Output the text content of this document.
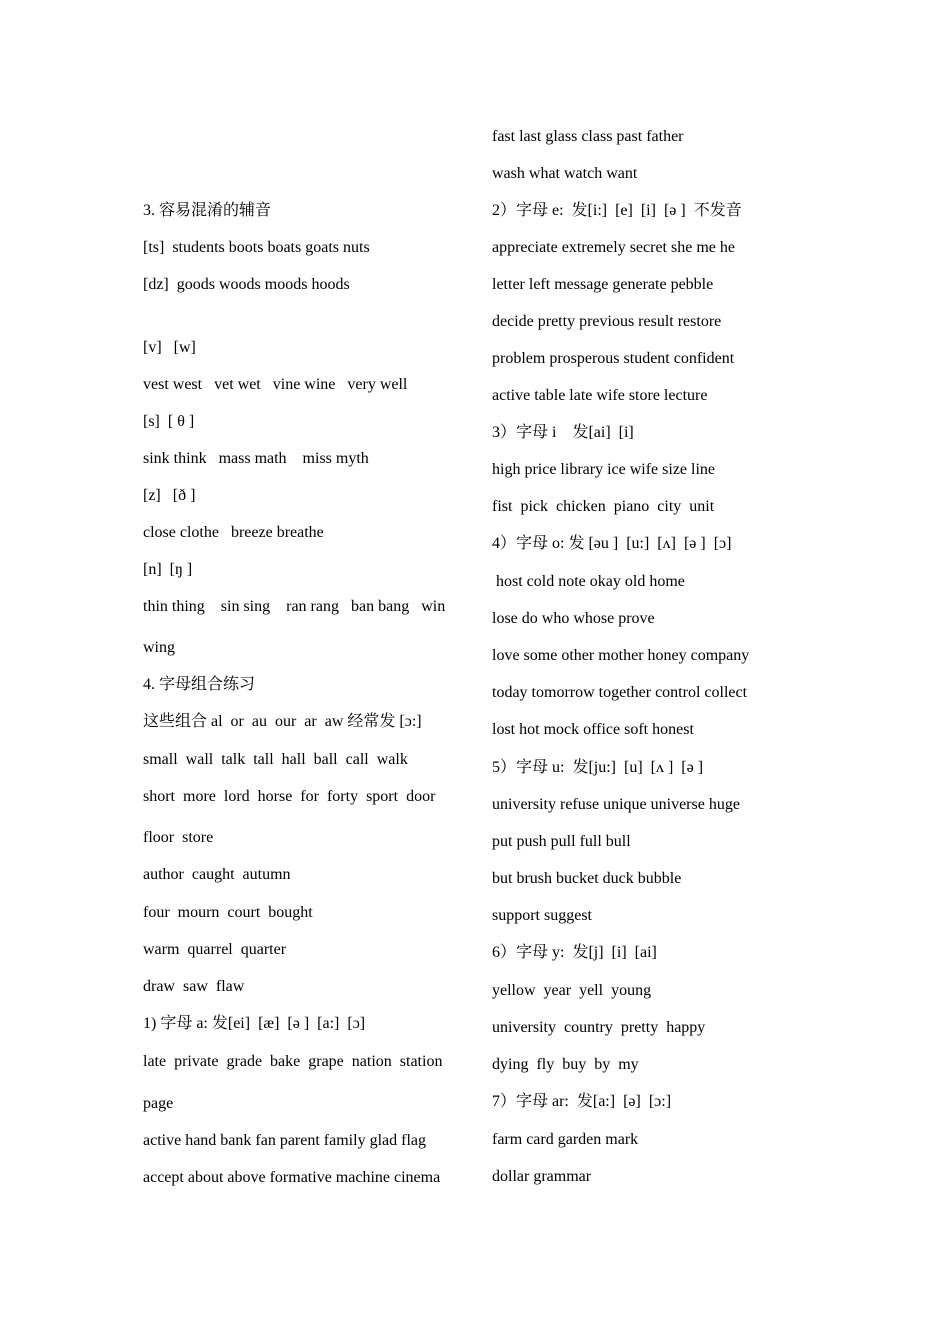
3. 容易混淆的辅音
[ts]  students boots boats goats nuts
[dz]  goods woods moods hoods
[v]   [w]
vest west   vet wet   vine wine   very well
[s]  [ θ ]
sink think   mass math    miss myth
[z]   [ð ]
close clothe   breeze breathe
[n]  [ŋ ]
thin thing    sin sing    ran rang   ban bang   win
wing
4. 字母组合练习
这些组合 al  or  au  our  ar  aw 经常发 [ɔ:]
small  wall  talk  tall  hall  ball  call  walk
short  more  lord  horse  for  forty  sport  door
floor  store
author  caught  autumn
four  mourn  court  bought
warm  quarrel  quarter
draw  saw  flaw
1) 字母 a: 发[ei]  [æ]  [ə ]  [a:]  [ɔ]
late  private  grade  bake  grape  nation  station
page
active hand bank fan parent family glad flag
accept about above formative machine cinema
fast last glass class past father
wash what watch want
2）字母 e:  发[i:]  [e]  [i]  [ə ]  不发音
appreciate extremely secret she me he
letter left message generate pebble
decide pretty previous result restore
problem prosperous student confident
active table late wife store lecture
3）字母 i    发[ai]  [i]
high price library ice wife size line
fist  pick  chicken  piano  city  unit
4）字母 o: 发 [əu ]  [u:]  [ʌ]  [ə ]  [ɔ]
host cold note okay old home
lose do who whose prove
love some other mother honey company
today tomorrow together control collect
lost hot mock office soft honest
5）字母 u:  发[ju:]  [u]  [ʌ ]  [ə ]
university refuse unique universe huge
put push pull full bull
but brush bucket duck bubble
support suggest
6）字母 y:  发[j]  [i]  [ai]
yellow  year  yell  young
university  country  pretty  happy
dying  fly  buy  by  my
7）字母 ar:  发[a:]  [ə]  [ɔ:]
farm card garden mark
dollar grammar
